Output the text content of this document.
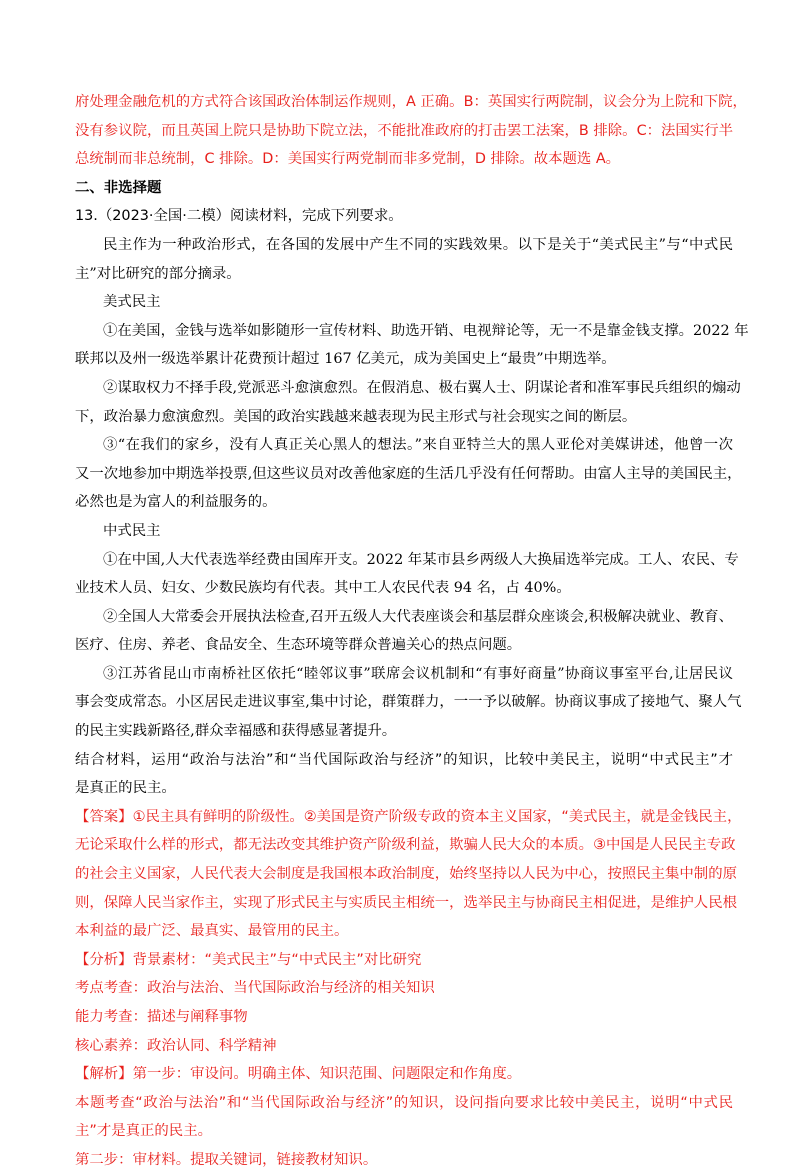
府处理金融危机的方式符合该国政治体制运作规则，A 正确。B：英国实行两院制，议会分为上院和下院，
没有参议院，而且英国上院只是协助下院立法，不能批准政府的打击罢工法案，B 排除。C：法国实行半
总统制而非总统制，C 排除。D：美国实行两党制而非多党制，D 排除。故本题选 A。
二、非选择题
13.（2023·全国·二模）阅读材料，完成下列要求。
民主作为一种政治形式，在各国的发展中产生不同的实践效果。以下是关于“美式民主”与“中式民
主”对比研究的部分摘录。
美式民主
①在美国，金钱与选举如影随形一宣传材料、助选开销、电视辩论等，无一不是靠金钱支撑。2022 年
联邦以及州一级选举累计花费预计超过 167 亿美元，成为美国史上“最贵”中期选举。
②谋取权力不择手段,党派恶斗愈演愈烈。在假消息、极右翼人士、阴谋论者和准军事民兵组织的煽动
下，政治暴力愈演愈烈。美国的政治实践越来越表现为民主形式与社会现实之间的断层。
③“在我们的家乡，没有人真正关心黑人的想法。”来自亚特兰大的黑人亚伦对美媒讲述，他曾一次
又一次地参加中期选举投票,但这些议员对改善他家庭的生活几乎没有任何帮助。由富人主导的美国民主，
必然也是为富人的利益服务的。
中式民主
①在中国,人大代表选举经费由国库开支。2022 年某市县乡两级人大换届选举完成。工人、农民、专
业技术人员、妇女、少数民族均有代表。其中工人农民代表 94 名，占 40%。
②全国人大常委会开展执法检查,召开五级人大代表座谈会和基层群众座谈会,积极解决就业、教育、
医疗、住房、养老、食品安全、生态环境等群众普遍关心的热点问题。
③江苏省昆山市南桥社区依托“睦邻议事”联席会议机制和“有事好商量”协商议事室平台,让居民议
事会变成常态。小区居民走进议事室,集中讨论，群策群力，一一予以破解。协商议事成了接地气、聚人气
的民主实践新路径,群众幸福感和获得感显著提升。
结合材料，运用“政治与法治”和“当代国际政治与经济”的知识，比较中美民主，说明“中式民主”才
是真正的民主。
【答案】①民主具有鲜明的阶级性。②美国是资产阶级专政的资本主义国家，“美式民主，就是金钱民主，
无论采取什么样的形式，都无法改变其维护资产阶级利益，欺骗人民大众的本质。③中国是人民民主专政
的社会主义国家，人民代表大会制度是我国根本政治制度，始终坚持以人民为中心，按照民主集中制的原
则，保障人民当家作主，实现了形式民主与实质民主相统一，选举民主与协商民主相促进，是维护人民根
本利益的最广泛、最真实、最管用的民主。
【分析】背景素材：“美式民主”与“中式民主”对比研究
考点考查：政治与法治、当代国际政治与经济的相关知识
能力考查：描述与阐释事物
核心素养：政治认同、科学精神
【解析】第一步：审设问。明确主体、知识范围、问题限定和作角度。
本题考查“政治与法治”和“当代国际政治与经济”的知识，设问指向要求比较中美民主，说明“中式民
主”才是真正的民主。
第二步：审材料。提取关键词，链接教材知识。
